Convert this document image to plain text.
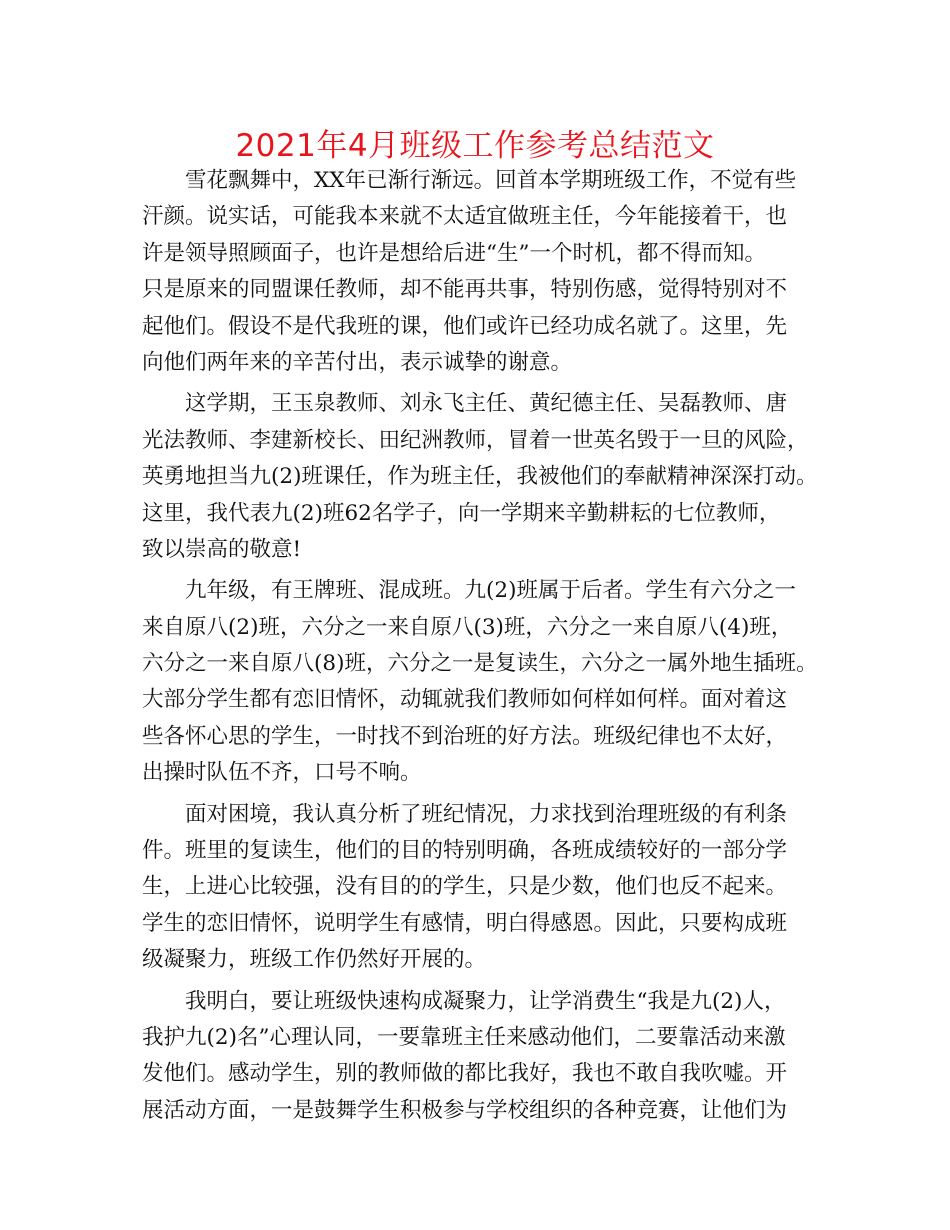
2021年4月班级工作参考总结范文
雪花飘舞中，XX年已渐行渐远。回首本学期班级工作，不觉有些
汗颜。说实话，可能我本来就不太适宜做班主任，今年能接着干，也
许是领导照顾面子，也许是想给后进“生”一个时机，都不得而知。
只是原来的同盟课任教师，却不能再共事，特别伤感，觉得特别对不
起他们。假设不是代我班的课，他们或许已经功成名就了。这里，先
向他们两年来的辛苦付出，表示诚挚的谢意。
这学期，王玉泉教师、刘永飞主任、黄纪德主任、吴磊教师、唐
光法教师、李建新校长、田纪洲教师，冒着一世英名毁于一旦的风险，
英勇地担当九(2)班课任，作为班主任，我被他们的奉献精神深深打动。
这里，我代表九(2)班62名学子，向一学期来辛勤耕耘的七位教师，
致以崇高的敬意!
九年级，有王牌班、混成班。九(2)班属于后者。学生有六分之一
来自原八(2)班，六分之一来自原八(3)班，六分之一来自原八(4)班，
六分之一来自原八(8)班，六分之一是复读生，六分之一属外地生插班。
大部分学生都有恋旧情怀，动辄就我们教师如何样如何样。面对着这
些各怀心思的学生，一时找不到治班的好方法。班级纪律也不太好，
出操时队伍不齐，口号不响。
面对困境，我认真分析了班纪情况，力求找到治理班级的有利条
件。班里的复读生，他们的目的特别明确，各班成绩较好的一部分学
生，上进心比较强，没有目的的学生，只是少数，他们也反不起来。
学生的恋旧情怀，说明学生有感情，明白得感恩。因此，只要构成班
级凝聚力，班级工作仍然好开展的。
我明白，要让班级快速构成凝聚力，让学消费生“我是九(2)人，
我护九(2)名”心理认同，一要靠班主任来感动他们，二要靠活动来激
发他们。感动学生，别的教师做的都比我好，我也不敢自我吹嘘。开
展活动方面，一是鼓舞学生积极参与学校组织的各种竞赛，让他们为
